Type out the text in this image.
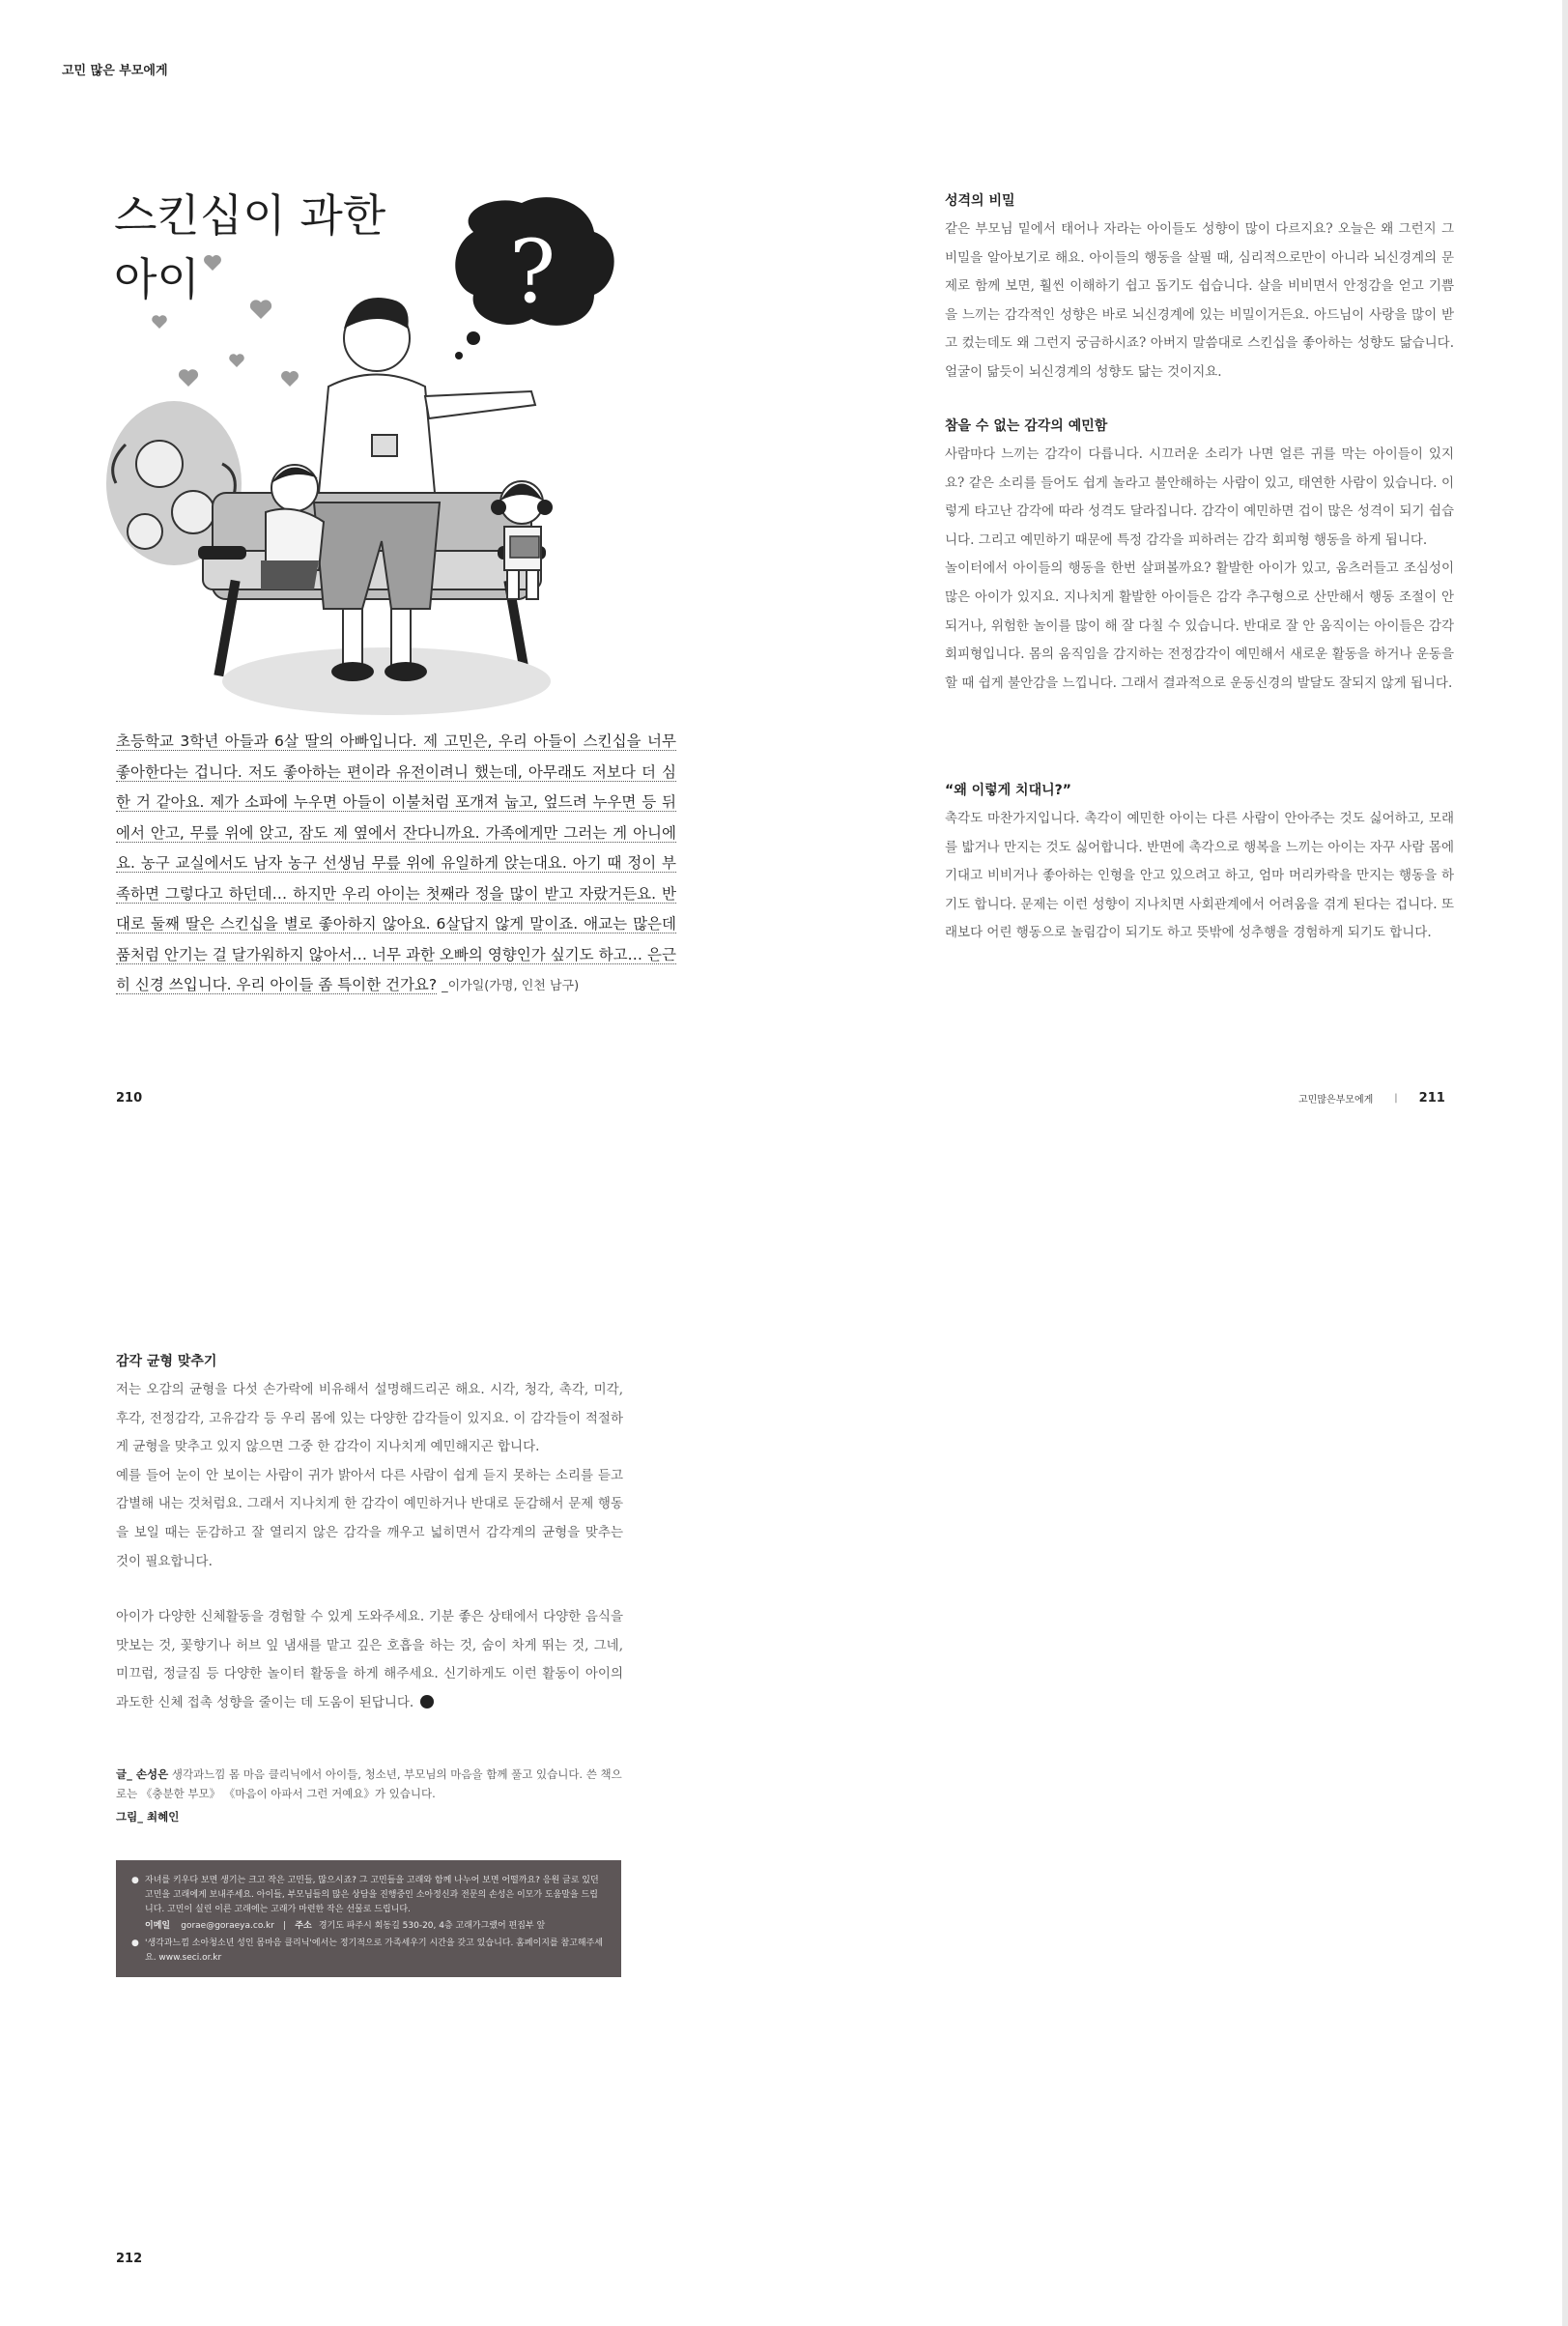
고민 많은 부모에게
?
스킨십이 과한
아이

초등학교 3학년 아들과 6살 딸의 아빠입니다. 제 고민은, 우리 아들이 스킨십을 너무 좋아한다는 겁니다. 저도 좋아하는 편이라 유전이려니 했는데, 아무래도 저보다 더 심한 거 같아요. 제가 소파에 누우면 아들이 이불처럼 포개져 눕고, 엎드려 누우면 등 뒤에서 안고, 무릎 위에 앉고, 잠도 제 옆에서 잔다니까요. 가족에게만 그러는 게 아니에요. 농구 교실에서도 남자 농구 선생님 무릎 위에 유일하게 앉는대요. 아기 때 정이 부족하면 그렇다고 하던데… 하지만 우리 아이는 첫째라 정을 많이 받고 자랐거든요. 반대로 둘째 딸은 스킨십을 별로 좋아하지 않아요. 6살답지 않게 말이죠. 애교는 많은데 품처럼 안기는 걸 달가워하지 않아서… 너무 과한 오빠의 영향인가 싶기도 하고… 은근히 신경 쓰입니다. 우리 아이들 좀 특이한 건가요? _이가일(가명, 인천 남구)

210
성격의 비밀

같은 부모님 밑에서 태어나 자라는 아이들도 성향이 많이 다르지요? 오늘은 왜 그런지 그 비밀을 알아보기로 해요. 아이들의 행동을 살필 때, 심리적으로만이 아니라 뇌신경계의 문제로 함께 보면, 훨씬 이해하기 쉽고 돕기도 쉽습니다. 살을 비비면서 안정감을 얻고 기쁨을 느끼는 감각적인 성향은 바로 뇌신경계에 있는 비밀이거든요. 아드님이 사랑을 많이 받고 컸는데도 왜 그런지 궁금하시죠? 아버지 말씀대로 스킨십을 좋아하는 성향도 닮습니다. 얼굴이 닮듯이 뇌신경계의 성향도 닮는 것이지요.

참을 수 없는 감각의 예민함

사람마다 느끼는 감각이 다릅니다. 시끄러운 소리가 나면 얼른 귀를 막는 아이들이 있지요? 같은 소리를 들어도 쉽게 놀라고 불안해하는 사람이 있고, 태연한 사람이 있습니다. 이렇게 타고난 감각에 따라 성격도 달라집니다. 감각이 예민하면 겁이 많은 성격이 되기 쉽습니다. 그리고 예민하기 때문에 특정 감각을 피하려는 감각 회피형 행동을 하게 됩니다.

놀이터에서 아이들의 행동을 한번 살펴볼까요? 활발한 아이가 있고, 움츠러들고 조심성이 많은 아이가 있지요. 지나치게 활발한 아이들은 감각 추구형으로 산만해서 행동 조절이 안 되거나, 위험한 놀이를 많이 해 잘 다칠 수 있습니다. 반대로 잘 안 움직이는 아이들은 감각 회피형입니다. 몸의 움직임을 감지하는 전정감각이 예민해서 새로운 활동을 하거나 운동을 할 때 쉽게 불안감을 느낍니다. 그래서 결과적으로 운동신경의 발달도 잘되지 않게 됩니다.

“왜 이렇게 치대니?”

촉각도 마찬가지입니다. 촉각이 예민한 아이는 다른 사람이 안아주는 것도 싫어하고, 모래를 밟거나 만지는 것도 싫어합니다. 반면에 촉각으로 행복을 느끼는 아이는 자꾸 사람 몸에 기대고 비비거나 좋아하는 인형을 안고 있으려고 하고, 엄마 머리카락을 만지는 행동을 하기도 합니다. 문제는 이런 성향이 지나치면 사회관계에서 어려움을 겪게 된다는 겁니다. 또래보다 어린 행동으로 놀림감이 되기도 하고 뜻밖에 성추행을 경험하게 되기도 합니다.

고민많은부모에게 | 211
감각 균형 맞추기

저는 오감의 균형을 다섯 손가락에 비유해서 설명해드리곤 해요. 시각, 청각, 촉각, 미각, 후각, 전정감각, 고유감각 등 우리 몸에 있는 다양한 감각들이 있지요. 이 감각들이 적절하게 균형을 맞추고 있지 않으면 그중 한 감각이 지나치게 예민해지곤 합니다.

예를 들어 눈이 안 보이는 사람이 귀가 밝아서 다른 사람이 쉽게 듣지 못하는 소리를 듣고 감별해 내는 것처럼요. 그래서 지나치게 한 감각이 예민하거나 반대로 둔감해서 문제 행동을 보일 때는 둔감하고 잘 열리지 않은 감각을 깨우고 넓히면서 감각계의 균형을 맞추는 것이 필요합니다.

아이가 다양한 신체활동을 경험할 수 있게 도와주세요. 기분 좋은 상태에서 다양한 음식을 맛보는 것, 꽃향기나 허브 잎 냄새를 맡고 깊은 호흡을 하는 것, 숨이 차게 뛰는 것, 그네, 미끄럼, 정글짐 등 다양한 놀이터 활동을 하게 해주세요. 신기하게도 이런 활동이 아이의 과도한 신체 접촉 성향을 줄이는 데 도움이 된답니다.

글_ 손성은 생각과느낌 몸 마음 클리닉에서 아이들, 청소년, 부모님의 마음을 함께 풀고 있습니다. 쓴 책으로는 《충분한 부모》 《마음이 아파서 그런 거예요》가 있습니다.
그림_ 최혜인
● 자녀를 키우다 보면 생기는 크고 작은 고민들, 많으시죠? 그 고민들을 고래와 함께 나누어 보면 어떨까요? 응원 글로 있던 고민을 고래에게 보내주세요. 아이들, 부모님들의 많은 상담을 진행중인 소아정신과 전문의 손성은 이모가 도움말을 드립니다. 고민이 실린 이른 고래에는 고래가 마련한 작은 선물로 드립니다.
이메일 gorae@goraeya.co.kr | 주소 경기도 파주시 회동길 530-20, 4층 고래가그랬어 편집부 앞
● '생각과느낌 소아청소년 성인 몸마음 클리닉'에서는 정기적으로 가족세우기 시간을 갖고 있습니다. 홈페이지를 참고해주세요. www.seci.or.kr
212
